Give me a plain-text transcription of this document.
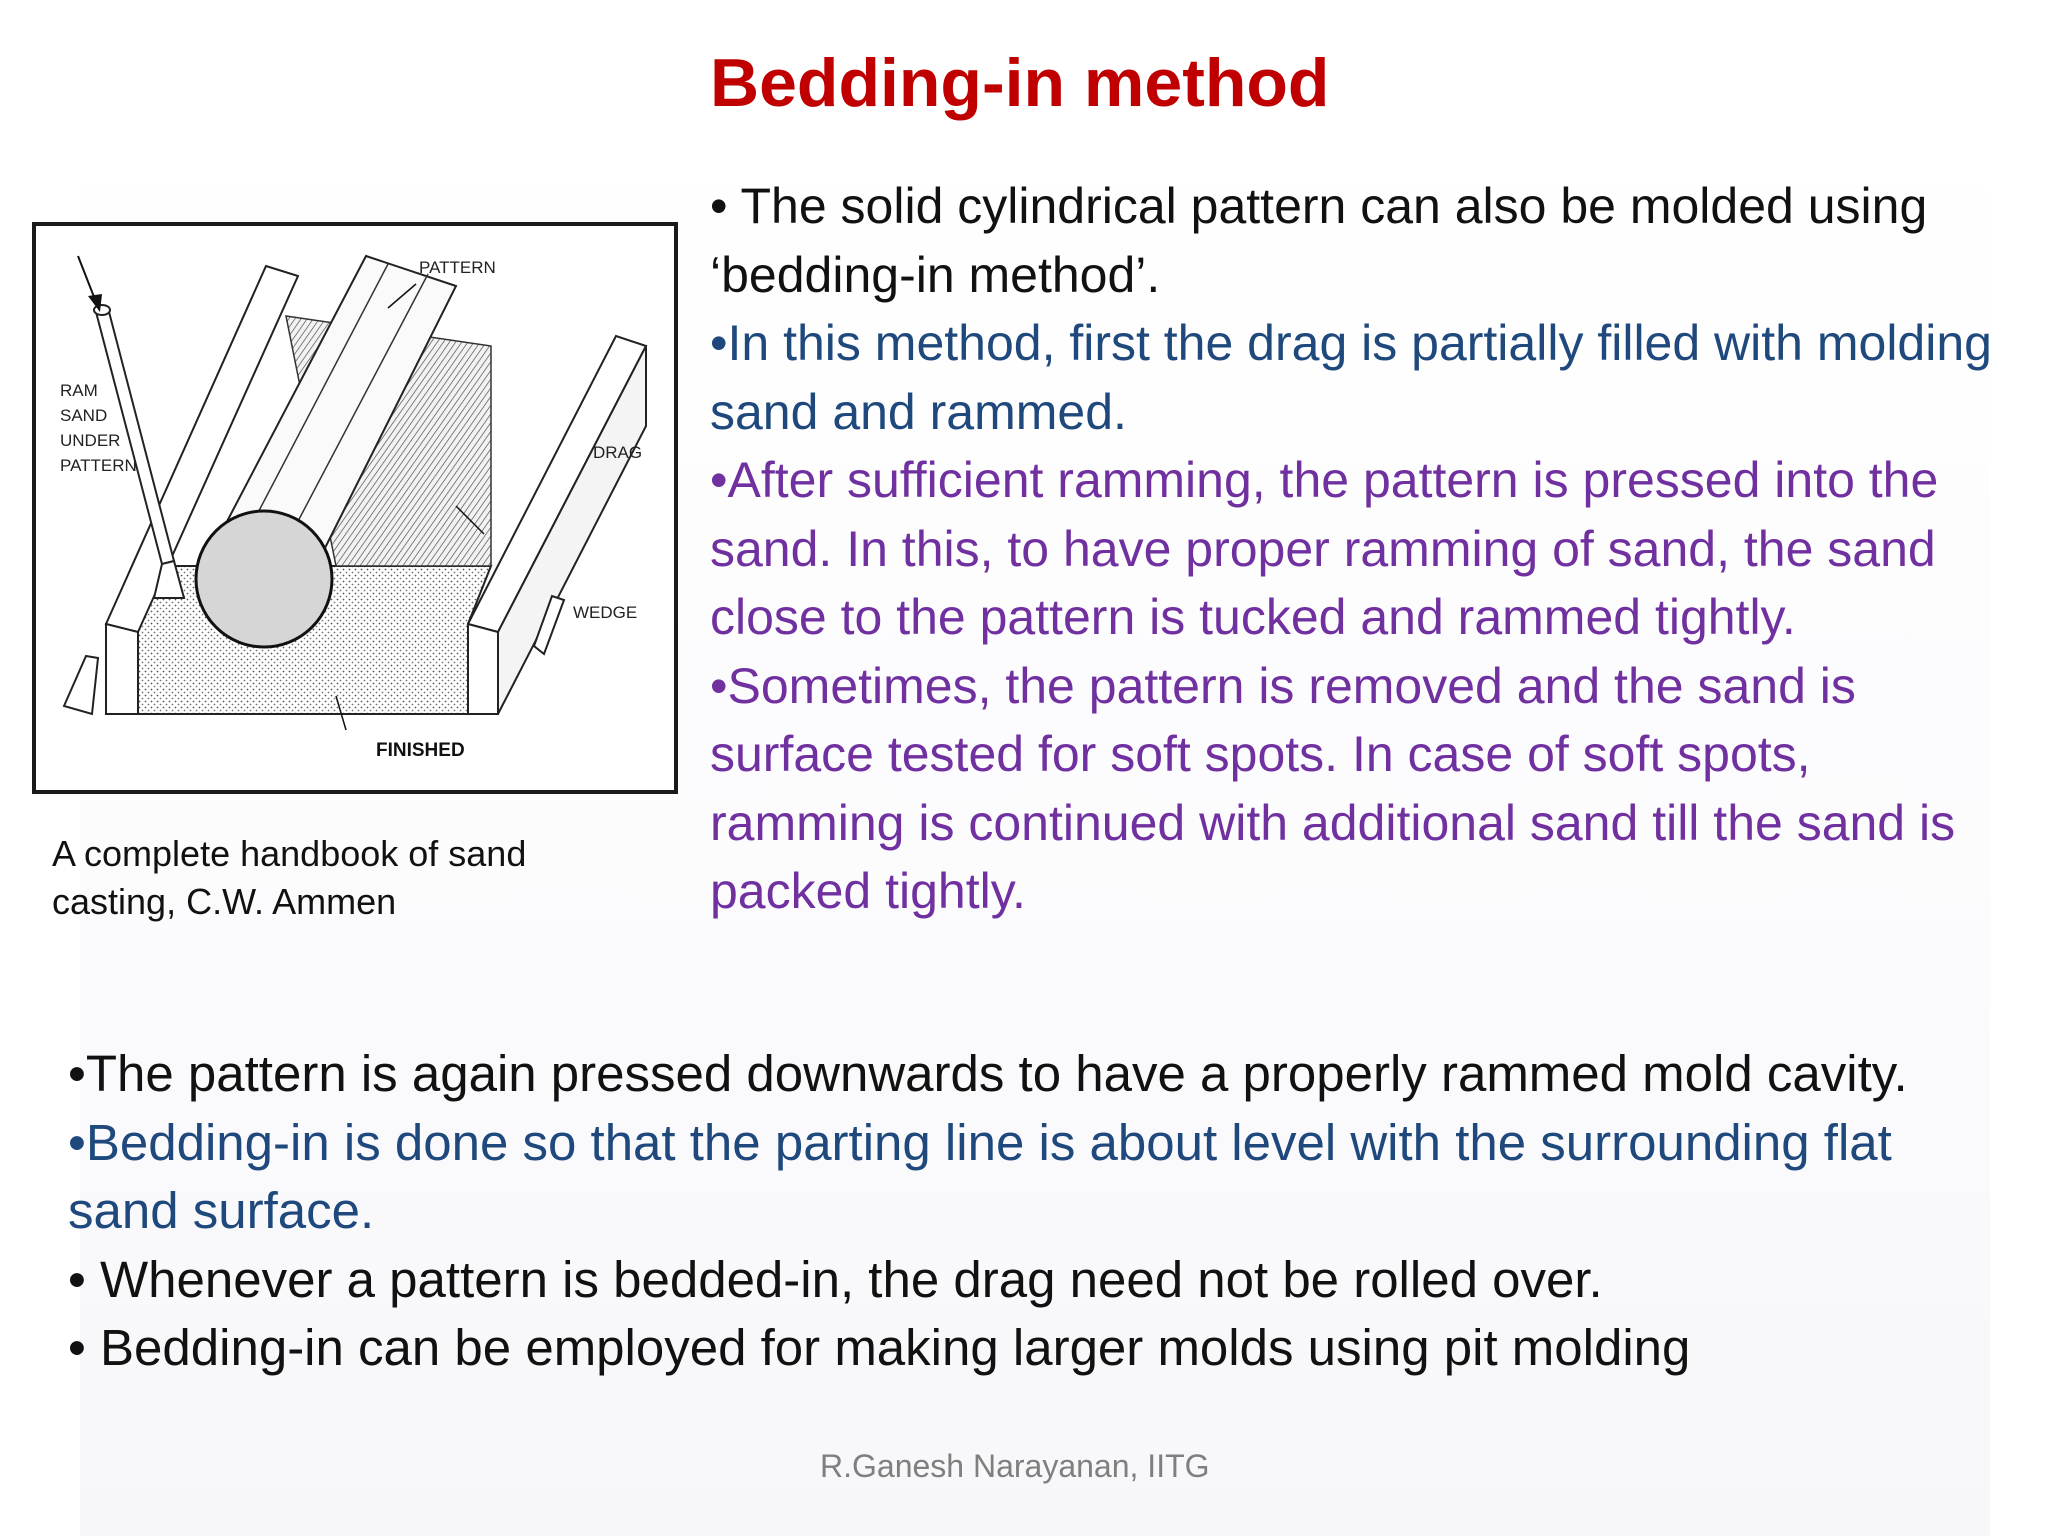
Bedding-in method
PATTERN
RAM
SAND
UNDER
PATTERN
DRAG
WEDGE
FINISHED
A complete handbook of sand casting, C.W. Ammen

• The solid cylindrical pattern can also be molded using ‘bedding-in method’.

•In this method, first the drag is partially filled with molding sand and rammed.

•After sufficient ramming, the pattern is pressed into the sand. In this, to have proper ramming of sand, the sand close to the pattern is tucked and rammed tightly.

•Sometimes, the pattern is removed and the sand is surface tested for soft spots. In case of soft spots, ramming is continued with additional sand till the sand is packed tightly.

•The pattern is again pressed downwards to have a properly rammed mold cavity.

•Bedding-in is done so that the parting line is about level with the surrounding flat sand surface.

• Whenever a pattern is bedded-in, the drag need not be rolled over.

• Bedding-in can be employed for making larger molds using pit molding

R.Ganesh Narayanan, IITG
